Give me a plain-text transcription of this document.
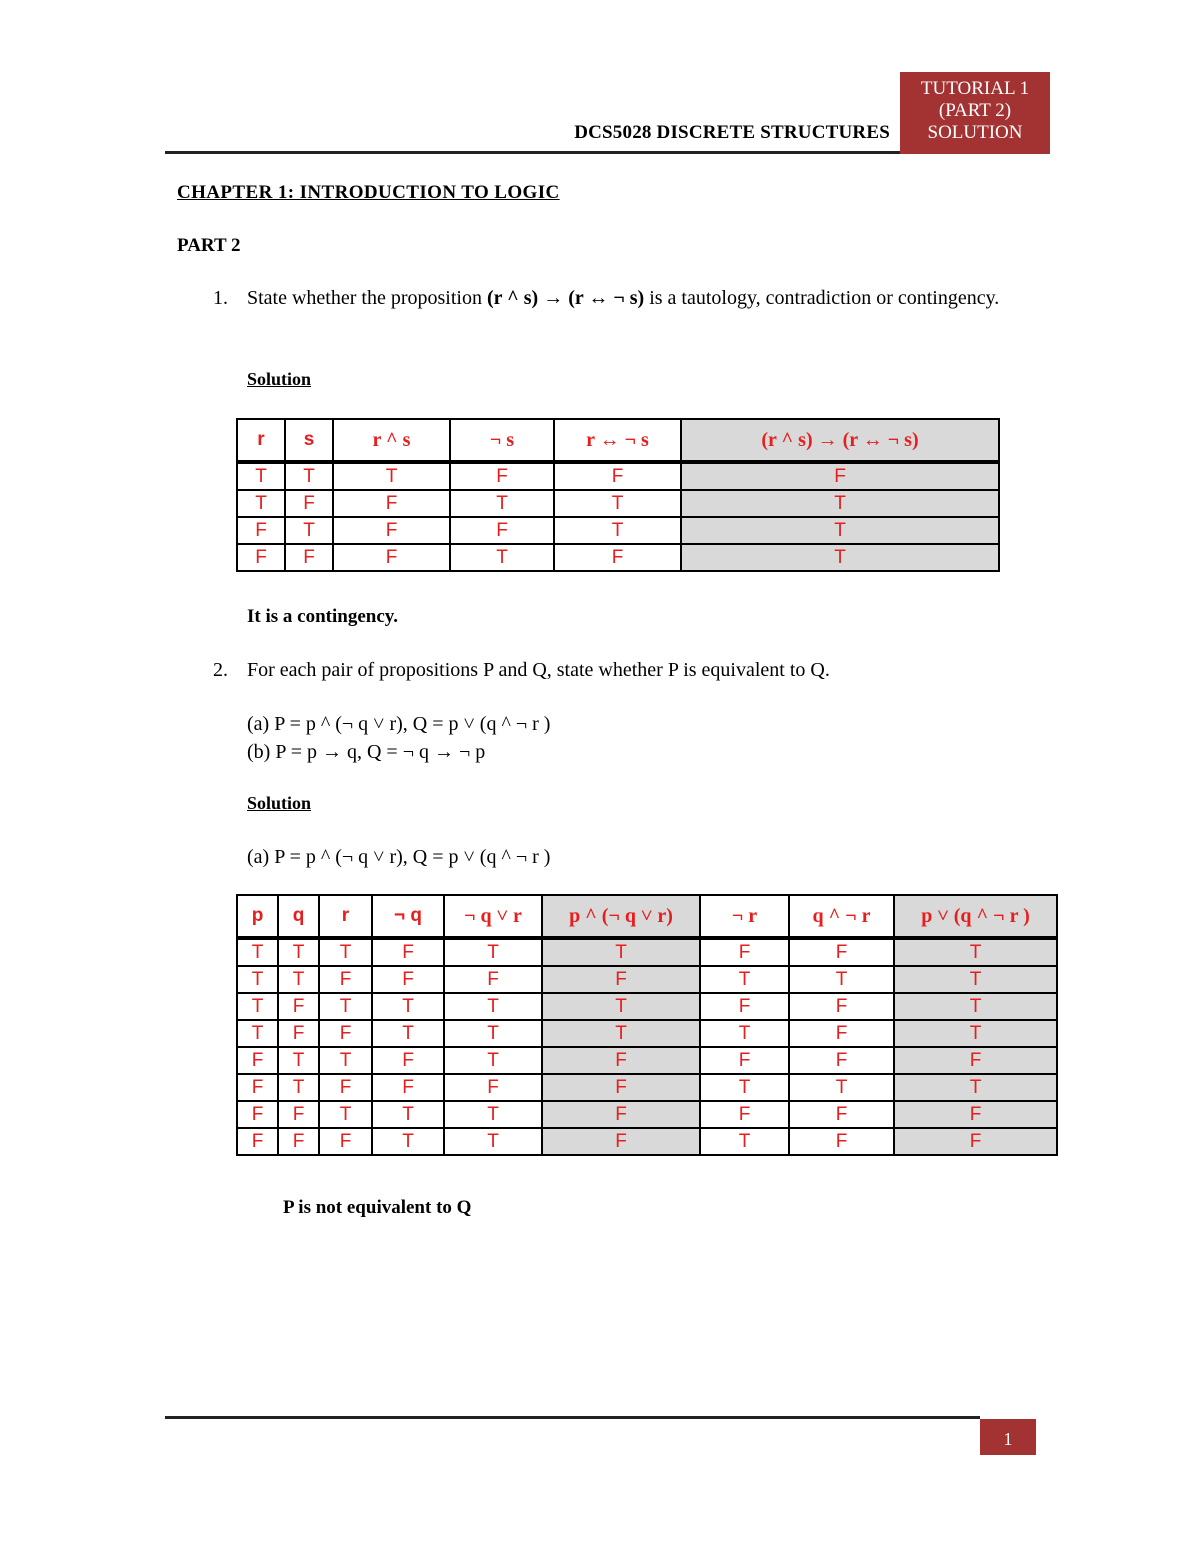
DCS5028 DISCRETE STRUCTURES
TUTORIAL 1
(PART 2)
SOLUTION
CHAPTER 1: INTRODUCTION TO LOGIC
PART 2
1. State whether the proposition (r ^ s) → (r ↔ ¬ s) is a tautology, contradiction or contingency.
Solution
r	s	r ^ s	¬ s	r ↔ ¬ s	(r ^ s) → (r ↔ ¬ s)
T	T	T	F	F	F
T	F	F	T	T	T
F	T	F	F	T	T
F	F	F	T	F	T
It is a contingency.
2. For each pair of propositions P and Q, state whether P is equivalent to Q.
(a) P = p ^ (¬ q ˅ r), Q = p ˅ (q ^ ¬ r )
(b) P = p → q, Q = ¬ q → ¬ p
Solution
(a) P = p ^ (¬ q ˅ r), Q = p ˅ (q ^ ¬ r )
p	q	r	¬ q	¬ q ˅ r	p ^ (¬ q ˅ r)	¬ r	q ^ ¬ r	p ˅ (q ^ ¬ r )
T	T	T	F	T	T	F	F	T
T	T	F	F	F	F	T	T	T
T	F	T	T	T	T	F	F	T
T	F	F	T	T	T	T	F	T
F	T	T	F	T	F	F	F	F
F	T	F	F	F	F	T	T	T
F	F	T	T	T	F	F	F	F
F	F	F	T	T	F	T	F	F
P is not equivalent to Q
1
